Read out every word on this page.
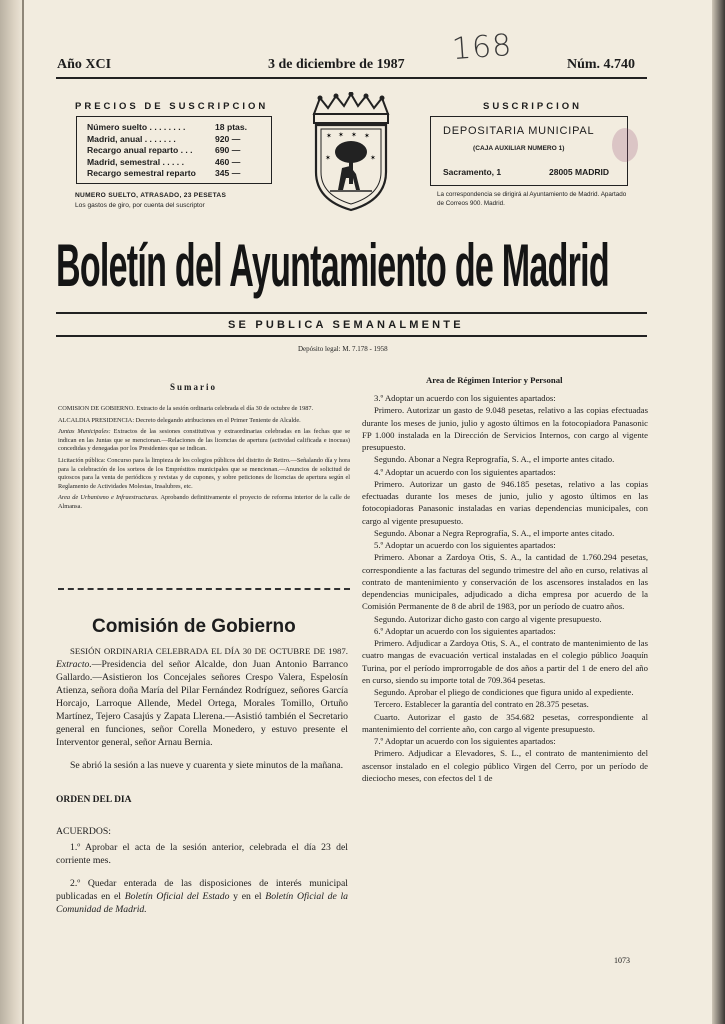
Año XCI	3 de diciembre de 1987	Núm. 4.740
168
PRECIOS DE SUSCRIPCION
Número suelto . . . . . . . .	18 ptas.
Madrid, anual . . . . . . .	920 —
Recargo anual reparto . . .	690 —
Madrid, semestral . . . . .	460 —
Recargo semestral reparto 345 —
NUMERO SUELTO, ATRASADO, 23 PESETAS
Los gastos de giro, por cuenta del suscriptor
✶ ✶ ✶ ✶
✶	✶
SUSCRIPCION
DEPOSITARIA MUNICIPAL
(CAJA AUXILIAR NUMERO 1)
Sacramento, 1	28005 MADRID
La correspondencia se dirigirá al Ayuntamiento de Madrid. Apartado de Correos 900. Madrid.
Boletín del Ayuntamiento de Madrid
SE PUBLICA SEMANALMENTE
Depósito legal: M. 7.178 - 1958
Sumario

COMISION DE GOBIERNO. Extracto de la sesión ordinaria celebrada el día 30 de octubre de 1987.

ALCALDIA PRESIDENCIA: Decreto delegando atribuciones en el Primer Teniente de Alcalde.

Juntas Municipales: Extractos de las sesiones constitutivas y extraordinarias celebradas en las fechas que se indican en las Juntas que se mencionan.—Relaciones de las licencias de apertura (actividad calificada e inocuas) concedidas y denegadas por los Presidentes que se indican.

Licitación pública: Concurso para la limpieza de los colegios públicos del distrito de Retiro.—Señalando día y hora para la celebración de los sorteos de los Empréstitos municipales que se mencionan.—Anuncios de solicitud de quioscos para la venta de periódicos y revistas y de cupones, y sobre peticiones de licencias de apertura según el Reglamento de Actividades Molestas, Insalubres, etc.

Area de Urbanismo e Infraestructuras. Aprobando definitivamente el proyecto de reforma interior de la calle de Almansa.

Comisión de Gobierno

SESIÓN ORDINARIA CELEBRADA EL DÍA 30 DE OCTUBRE DE 1987. Extracto.—Presidencia del señor Alcalde, don Juan Antonio Barranco Gallardo.—Asistieron los Concejales señores Crespo Valera, Espelosín Atienza, señora doña María del Pilar Fernández Rodríguez, señores García Horcajo, Larroque Allende, Medel Ortega, Morales Tomillo, Ortuño Martínez, Tejero Casajús y Zapata Llerena.—Asistió también el Secretario general en funciones, señor Corella Monedero, y estuvo presente el Interventor general, señor Arnau Bernia.

Se abrió la sesión a las nueve y cuarenta y siete minutos de la mañana.

ORDEN DEL DIA

ACUERDOS:

1.º Aprobar el acta de la sesión anterior, celebrada el día 23 del corriente mes.

2.º Quedar enterada de las disposiciones de interés municipal publicadas en el Boletín Oficial del Estado y en el Boletín Oficial de la Comunidad de Madrid.

Area de Régimen Interior y Personal

3.º Adoptar un acuerdo con los siguientes apartados:

Primero. Autorizar un gasto de 9.048 pesetas, relativo a las copias efectuadas durante los meses de junio, julio y agosto últimos en la fotocopiadora Panasonic FP 1.000 instalada en la Dirección de Servicios Internos, con cargo al vigente presupuesto.

Segundo. Abonar a Negra Reprografía, S. A., el importe antes citado.

4.º Adoptar un acuerdo con los siguientes apartados:

Primero. Autorizar un gasto de 946.185 pesetas, relativo a las copias efectuadas durante los meses de junio, julio y agosto últimos en las fotocopiadoras Panasonic instaladas en varias dependencias municipales, con cargo al vigente presupuesto.

Segundo. Abonar a Negra Reprografía, S. A., el importe antes citado.

5.º Adoptar un acuerdo con los siguientes apartados:

Primero. Abonar a Zardoya Otis, S. A., la cantidad de 1.760.294 pesetas, correspondiente a las facturas del segundo trimestre del año en curso, relativas al contrato de mantenimiento y conservación de los ascensores instalados en las dependencias municipales, adjudicado a dicha empresa por acuerdo de la Comisión Permanente de 8 de abril de 1983, por un período de cuatro años.

Segundo. Autorizar dicho gasto con cargo al vigente presupuesto.

6.º Adoptar un acuerdo con los siguientes apartados:

Primero. Adjudicar a Zardoya Otis, S. A., el contrato de mantenimiento de las cuatro mangas de evacuación vertical instaladas en el colegio público Joaquín Turina, por el período improrrogable de dos años a partir del 1 de enero del año en curso, siendo su importe total de 709.364 pesetas.

Segundo. Aprobar el pliego de condiciones que figura unido al expediente.

Tercero. Establecer la garantía del contrato en 28.375 pesetas.

Cuarto. Autorizar el gasto de 354.682 pesetas, correspondiente al mantenimiento del corriente año, con cargo al vigente presupuesto.

7.º Adoptar un acuerdo con los siguientes apartados:

Primero. Adjudicar a Elevadores, S. L., el contrato de mantenimiento del ascensor instalado en el colegio público Virgen del Cerro, por un período de dieciocho meses, con efectos del 1 de

1073
